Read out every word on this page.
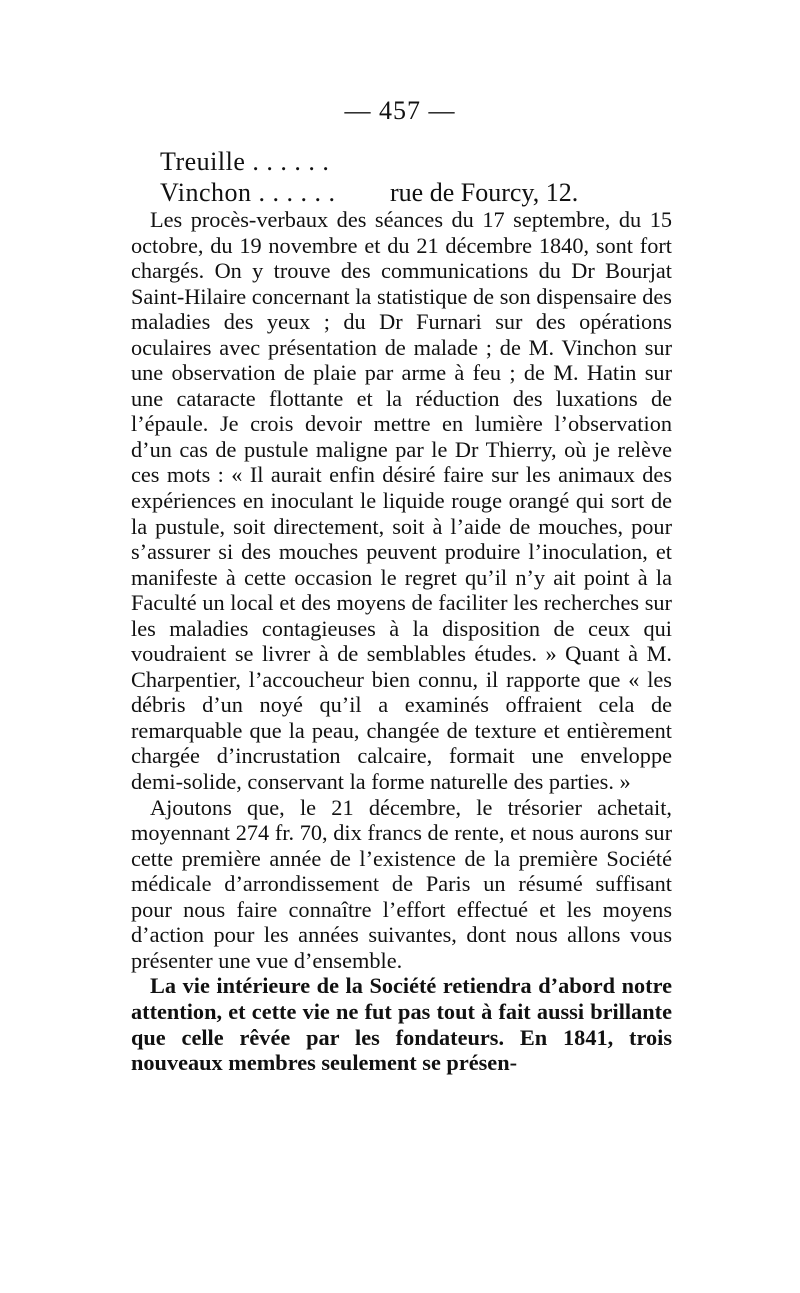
— 457 —
Treuille . . . . . .
Vinchon . . . . . . rue de Fourcy, 12.

Les procès-verbaux des séances du 17 septembre, du 15 octobre, du 19 novembre et du 21 décembre 1840, sont fort chargés. On y trouve des communications du Dr Bourjat Saint-Hilaire concernant la statistique de son dispensaire des maladies des yeux ; du Dr Furnari sur des opérations oculaires avec présentation de malade ; de M. Vinchon sur une observation de plaie par arme à feu ; de M. Hatin sur une cataracte flottante et la réduction des luxations de l’épaule. Je crois devoir mettre en lumière l’observation d’un cas de pustule maligne par le Dr Thierry, où je relève ces mots : « Il aurait enfin désiré faire sur les animaux des expériences en inoculant le liquide rouge orangé qui sort de la pustule, soit directement, soit à l’aide de mouches, pour s’assurer si des mouches peuvent produire l’inoculation, et manifeste à cette occasion le regret qu’il n’y ait point à la Faculté un local et des moyens de faciliter les recherches sur les maladies contagieuses à la disposition de ceux qui voudraient se livrer à de semblables études. » Quant à M. Charpentier, l’accoucheur bien connu, il rapporte que « les débris d’un noyé qu’il a examinés offraient cela de remarquable que la peau, changée de texture et entièrement chargée d’incrustation calcaire, formait une enveloppe demi-solide, conservant la forme naturelle des parties. »

Ajoutons que, le 21 décembre, le trésorier achetait, moyennant 274 fr. 70, dix francs de rente, et nous aurons sur cette première année de l’existence de la première Société médicale d’arrondissement de Paris un résumé suffisant pour nous faire connaître l’effort effectué et les moyens d’action pour les années suivantes, dont nous allons vous présenter une vue d’ensemble.

La vie intérieure de la Société retiendra d’abord notre attention, et cette vie ne fut pas tout à fait aussi brillante que celle rêvée par les fondateurs. En 1841, trois nouveaux membres seulement se présen-
